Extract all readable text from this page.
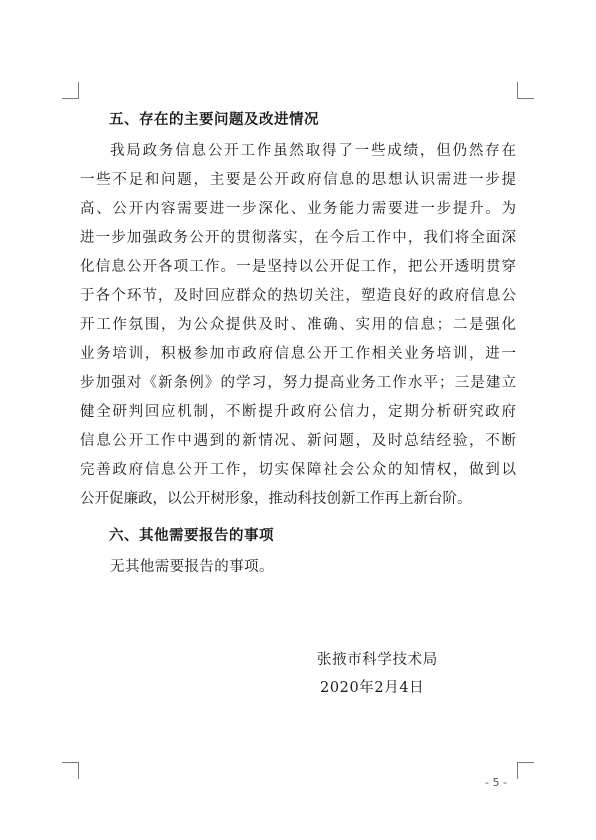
五、存在的主要问题及改进情况
我局政务信息公开工作虽然取得了一些成绩，但仍然存在
一些不足和问题，主要是公开政府信息的思想认识需进一步提
高、公开内容需要进一步深化、业务能力需要进一步提升。为
进一步加强政务公开的贯彻落实，在今后工作中，我们将全面深
化信息公开各项工作。一是坚持以公开促工作，把公开透明贯穿
于各个环节，及时回应群众的热切关注，塑造良好的政府信息公
开工作氛围，为公众提供及时、准确、实用的信息；二是强化
业务培训，积极参加市政府信息公开工作相关业务培训，进一
步加强对《新条例》的学习，努力提高业务工作水平；三是建立
健全研判回应机制，不断提升政府公信力，定期分析研究政府
信息公开工作中遇到的新情况、新问题，及时总结经验，不断
完善政府信息公开工作，切实保障社会公众的知情权，做到以
公开促廉政，以公开树形象，推动科技创新工作再上新台阶。
六、其他需要报告的事项
无其他需要报告的事项。
张掖市科学技术局
2020年2月4日
- 5 -
